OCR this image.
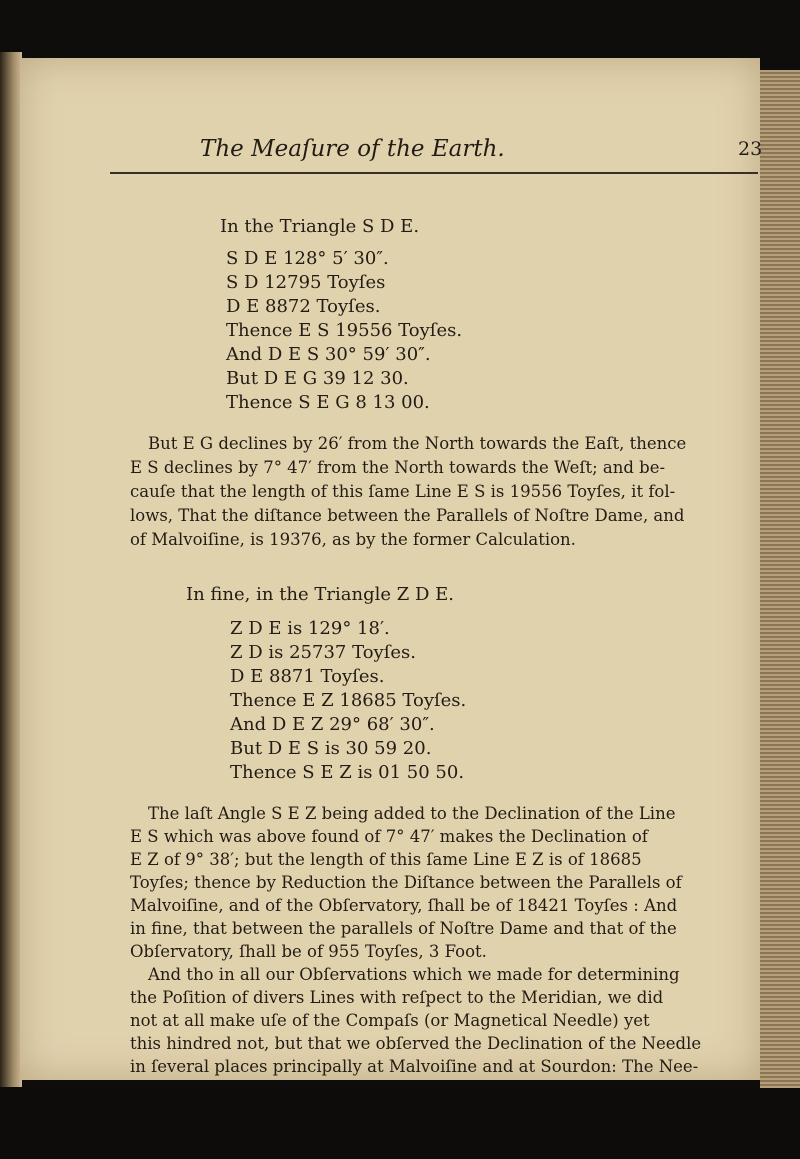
The Meaſure of the Earth.	23
In the Triangle S D E.
S D E 128° 5′ 30″.
S D 12795 Toyſes
D E 8872 Toyſes.
Thence E S 19556 Toyſes.
And D E S 30° 59′ 30″.
But D E G 39 12 30.
Thence S E G 8 13 00.
But E G declines by 26′ from the North towards the Eaſt, thence
E S declines by 7° 47′ from the North towards the Weſt; and be-
cauſe that the length of this ſame Line E S is 19556 Toyſes, it fol-
lows, That the diſtance between the Parallels of Noſtre Dame, and
of Malvoiſine, is 19376, as by the former Calculation.
In fine, in the Triangle Z D E.
Z D E is 129° 18′.
Z D is 25737 Toyſes.
D E 8871 Toyſes.
Thence E Z 18685 Toyſes.
And D E Z 29° 68′ 30″.
But D E S is 30 59 20.
Thence S E Z is 01 50 50.
The laſt Angle S E Z being added to the Declination of the Line
E S which was above found of 7° 47′ makes the Declination of
E Z of 9° 38′; but the length of this ſame Line E Z is of 18685
Toyſes; thence by Reduction the Diſtance between the Parallels of
Malvoiſine, and of the Obſervatory, ſhall be of 18421 Toyſes : And
in fine, that between the parallels of Noſtre Dame and that of the
Obſervatory, ſhall be of 955 Toyſes, 3 Foot.
And tho in all our Obſervations which we made for determining
the Poſition of divers Lines with reſpect to the Meridian, we did
not at all make uſe of the Compaſs (or Magnetical Needle) yet
this hindred not, but that we obſerved the Declination of the Needle
in ſeveral places principally at Malvoiſine and at Sourdon: The Nee-
